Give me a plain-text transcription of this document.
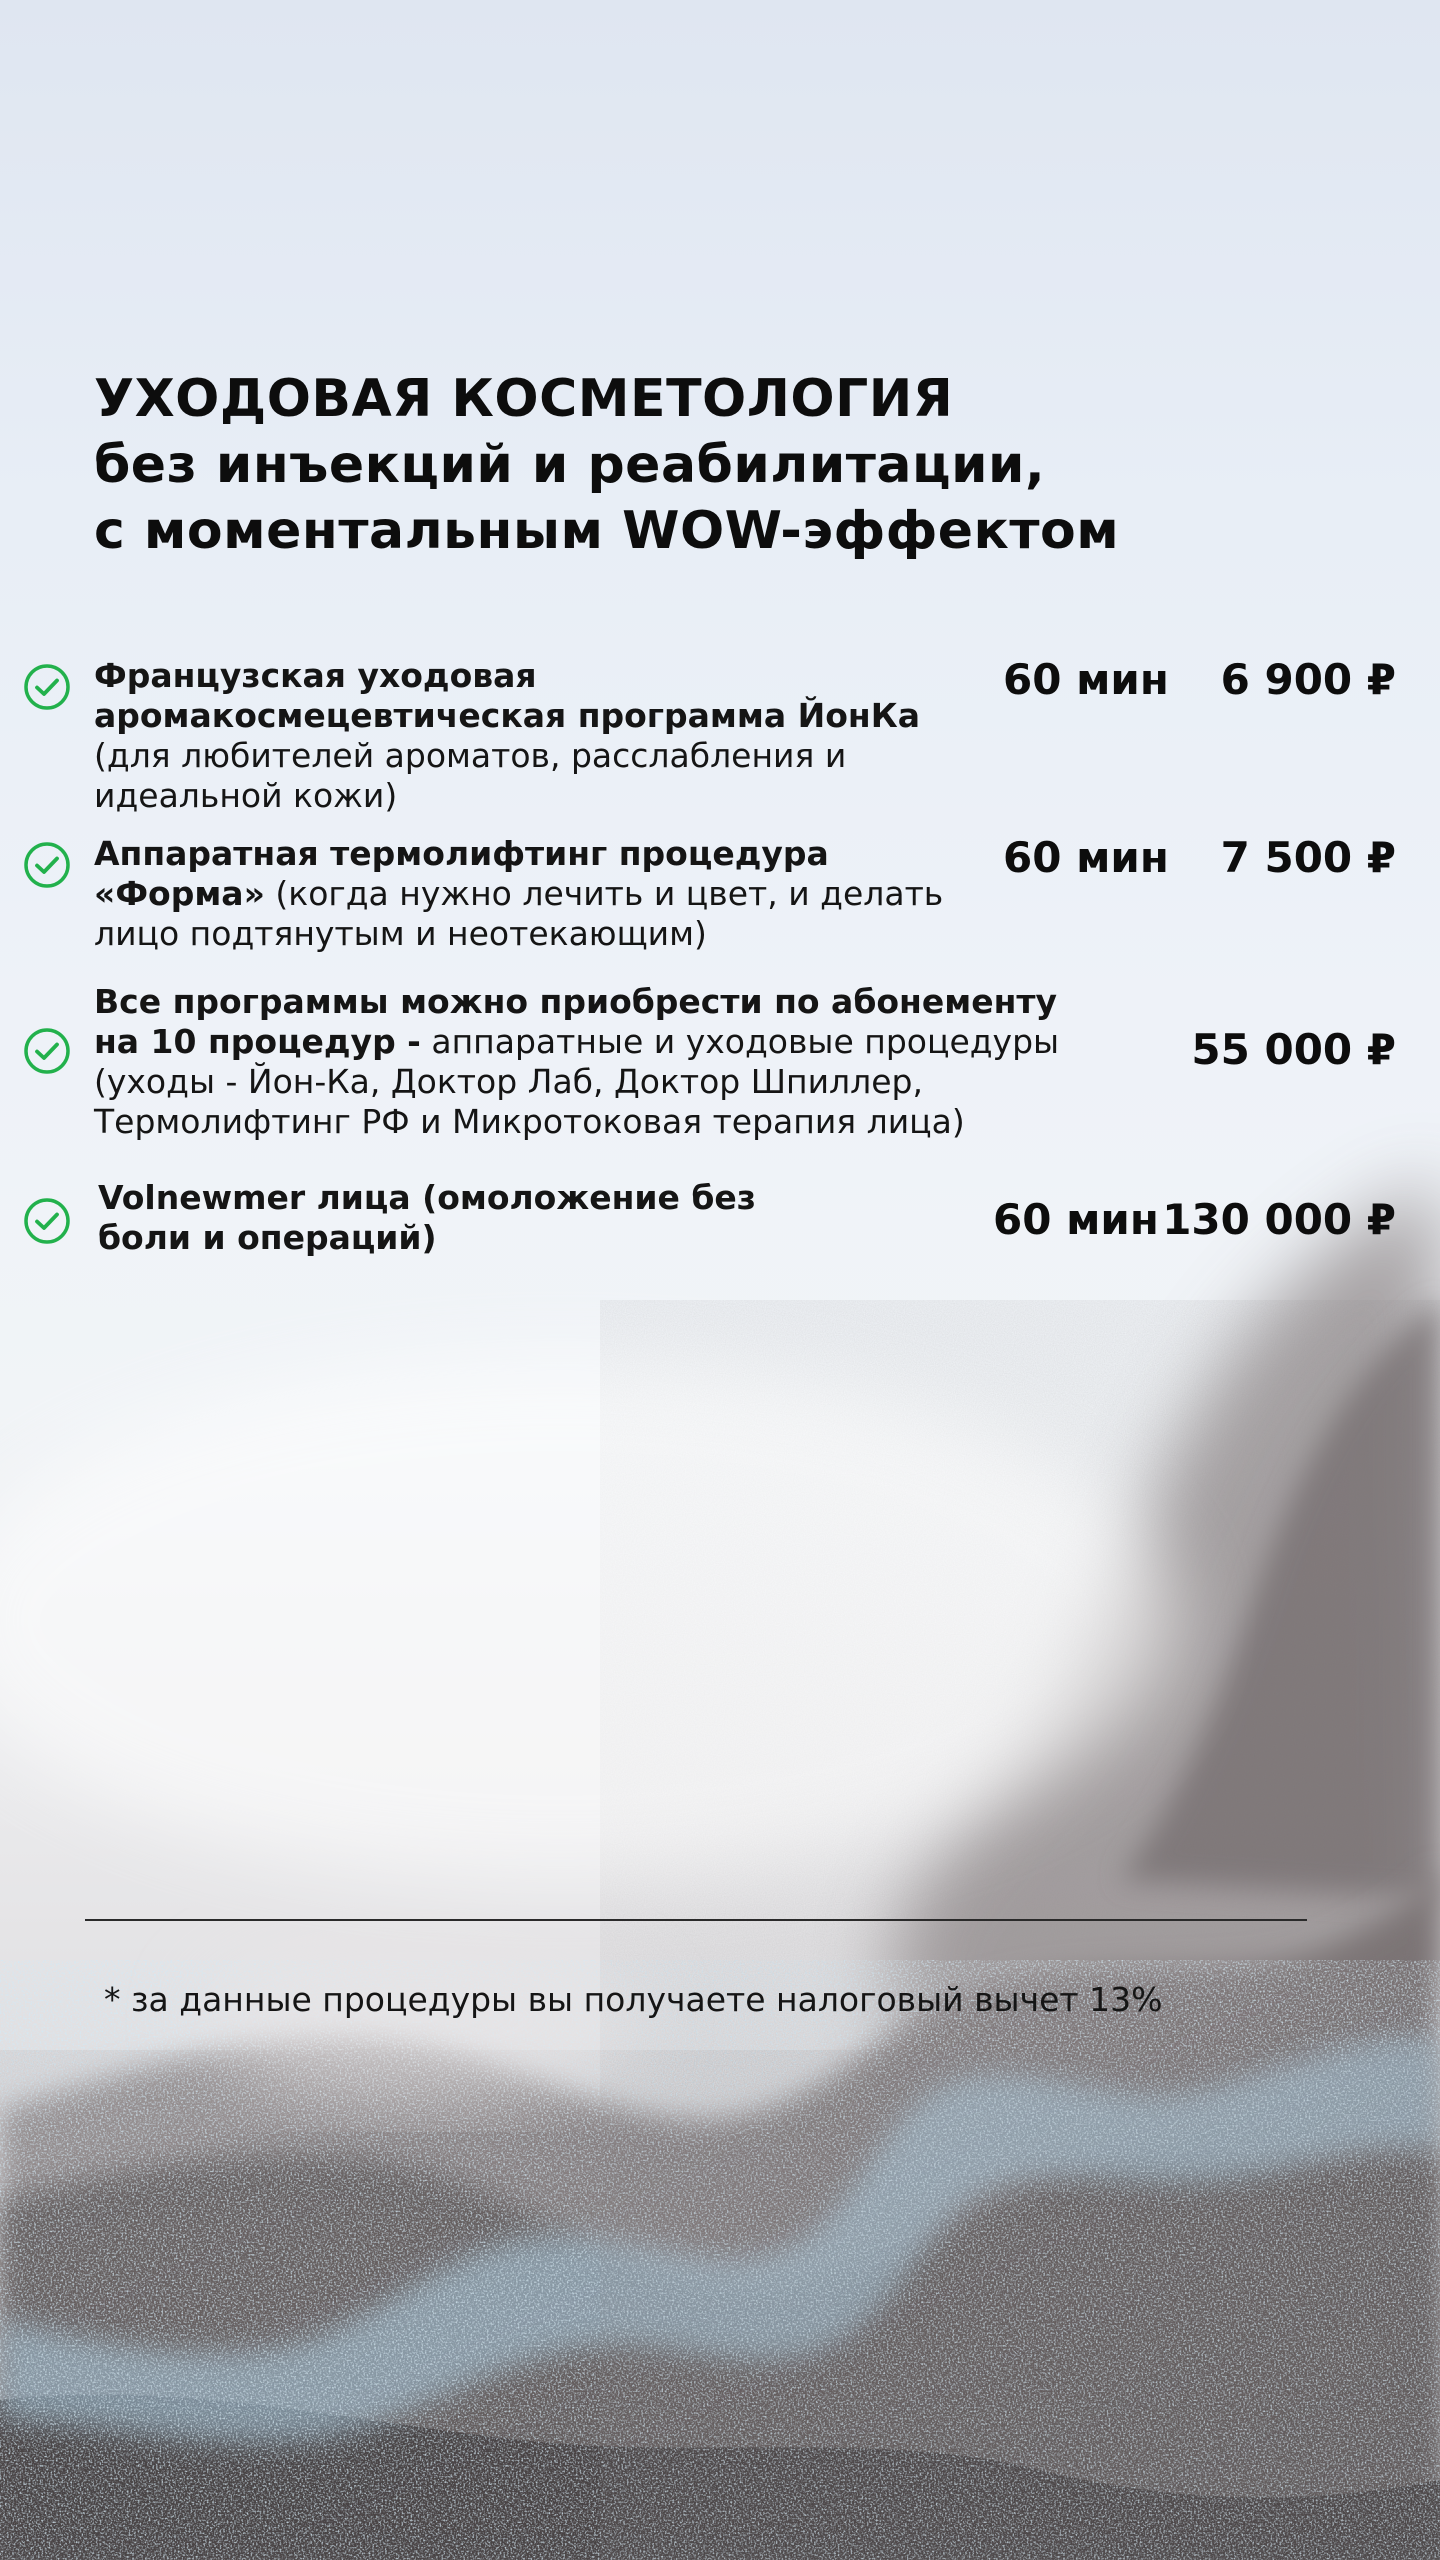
УХОДОВАЯ КОСМЕТОЛОГИЯ
без инъекций и реабилитации,
с моментальным WOW-эффектом
Французская уходовая аромакосмецевтическая программа ЙонКа (для любителей ароматов, расслабления и идеальной кожи)
60 мин 6 900 ₽
Аппаратная термолифтинг процедура «Форма» (когда нужно лечить и цвет, и делать лицо подтянутым и неотекающим)
60 мин 7 500 ₽
Все программы можно приобрести по абонементу на 10 процедур - аппаратные и уходовые процедуры (уходы - Йон-Ка, Доктор Лаб, Доктор Шпиллер, Термолифтинг РФ и Микротоковая терапия лица)
55 000 ₽
Volnewmer лица (омоложение без боли и операций)	60 мин 130 000 ₽
* за данные процедуры вы получаете налоговый вычет 13%
